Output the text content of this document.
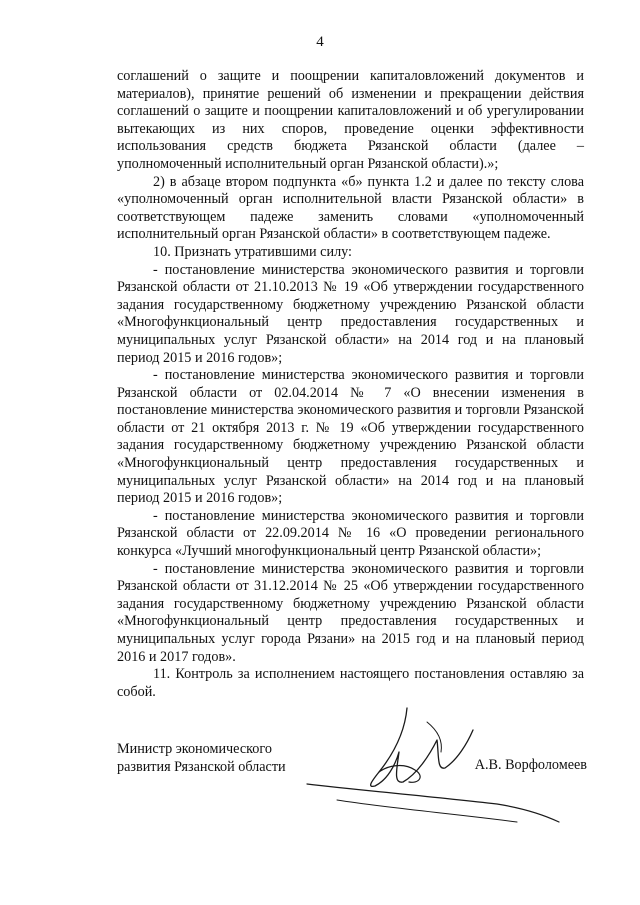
4

соглашений о защите и поощрении капиталовложений документов и материалов), принятие решений об изменении и прекращении действия соглашений о защите и поощрении капиталовложений и об урегулировании вытекающих из них споров, проведение оценки эффективности использования средств бюджета Рязанской области (далее – уполномоченный исполнительный орган Рязанской области).»;

2) в абзаце втором подпункта «б» пункта 1.2 и далее по тексту слова «уполномоченный орган исполнительной власти Рязанской области» в соответствующем падеже заменить словами «уполномоченный исполнительный орган Рязанской области» в соответствующем падеже.

10. Признать утратившими силу:

- постановление министерства экономического развития и торговли Рязанской области от 21.10.2013 № 19 «Об утверждении государственного задания государственному бюджетному учреждению Рязанской области «Многофункциональный центр предоставления государственных и муниципальных услуг Рязанской области» на 2014 год и на плановый период 2015 и 2016 годов»;

- постановление министерства экономического развития и торговли Рязанской области от 02.04.2014 № 7 «О внесении изменения в постановление министерства экономического развития и торговли Рязанской области от 21 октября 2013 г. № 19 «Об утверждении государственного задания государственному бюджетному учреждению Рязанской области «Многофункциональный центр предоставления государственных и муниципальных услуг Рязанской области» на 2014 год и на плановый период 2015 и 2016 годов»;

- постановление министерства экономического развития и торговли Рязанской области от 22.09.2014 № 16 «О проведении регионального конкурса «Лучший многофункциональный центр Рязанской области»;

- постановление министерства экономического развития и торговли Рязанской области от 31.12.2014 № 25 «Об утверждении государственного задания государственному бюджетному учреждению Рязанской области «Многофункциональный центр предоставления государственных и муниципальных услуг города Рязани» на 2015 год и на плановый период 2016 и 2017 годов».

11. Контроль за исполнением настоящего постановления оставляю за собой.

Министр экономического
развития Рязанской области	А.В. Ворфоломеев
